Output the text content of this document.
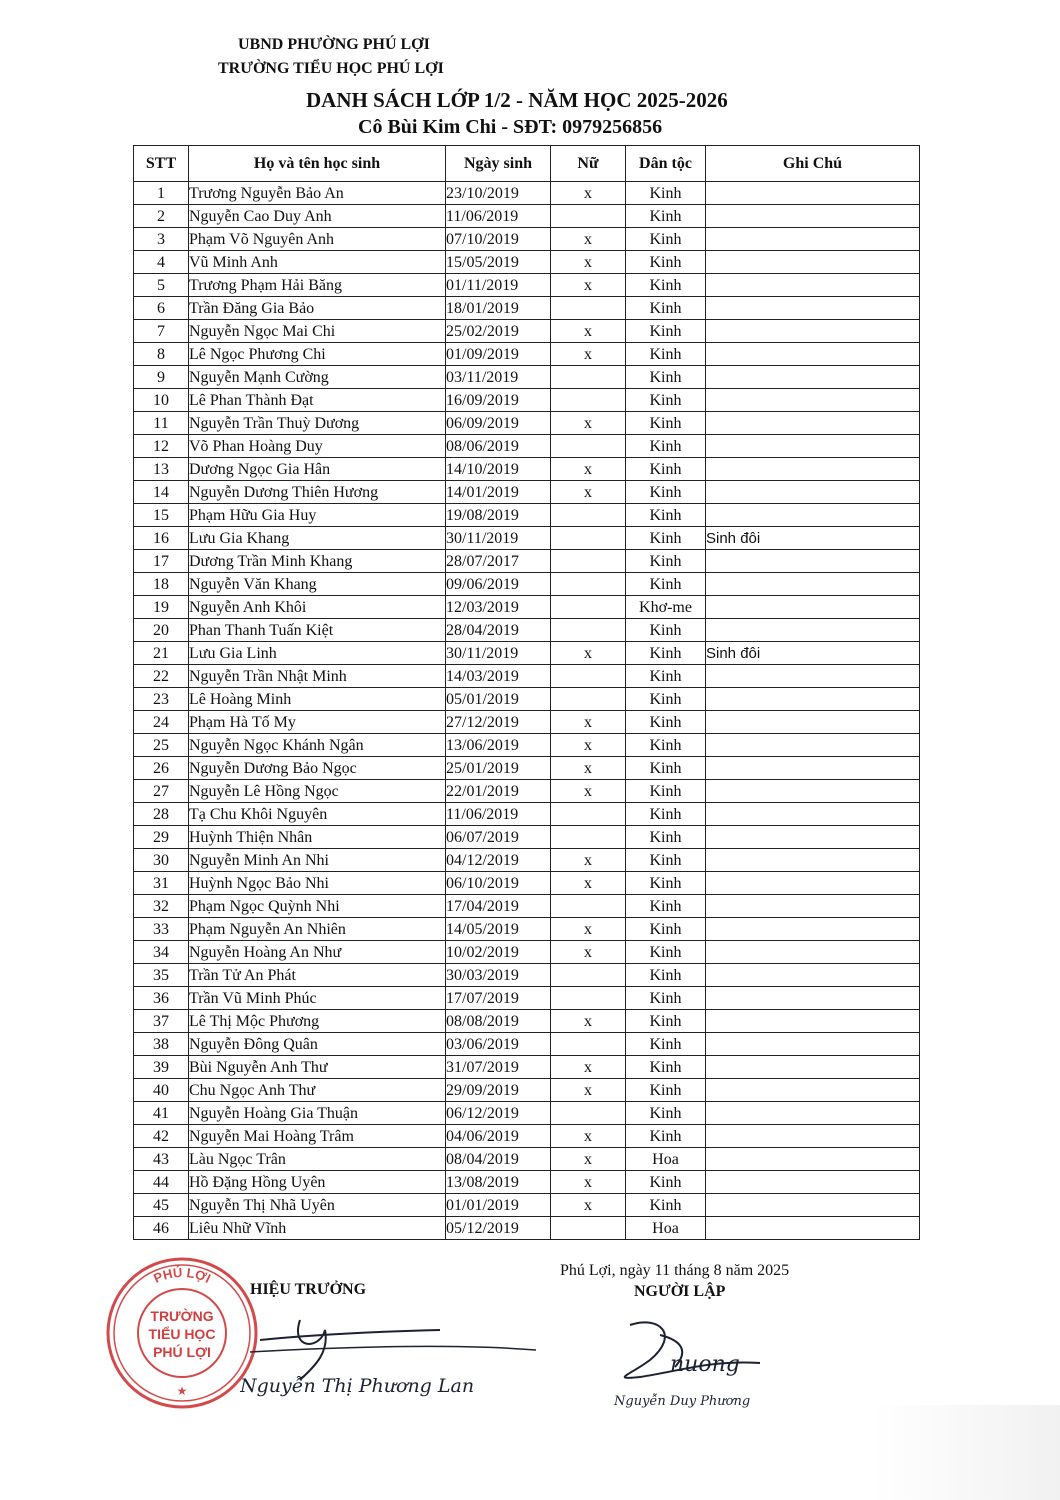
UBND PHƯỜNG PHÚ LỢI
TRƯỜNG TIỂU HỌC PHÚ LỢI
DANH SÁCH LỚP 1/2 - NĂM HỌC 2025-2026
Cô Bùi Kim Chi - SĐT: 0979256856
STT	Họ và tên học sinh	Ngày sinh	Nữ	Dân tộc	Ghi Chú
1	Trương Nguyễn Bảo An	23/10/2019	x	Kinh	
2	Nguyễn Cao Duy Anh	11/06/2019		Kinh	
3	Phạm Võ Nguyên Anh	07/10/2019	x	Kinh	
4	Vũ Minh Anh	15/05/2019	x	Kinh	
5	Trương Phạm Hải Băng	01/11/2019	x	Kinh	
6	Trần Đăng Gia Bảo	18/01/2019		Kinh	
7	Nguyễn Ngọc Mai Chi	25/02/2019	x	Kinh	
8	Lê Ngọc Phương Chi	01/09/2019	x	Kinh	
9	Nguyễn Mạnh Cường	03/11/2019		Kinh	
10	Lê Phan Thành Đạt	16/09/2019		Kinh	
11	Nguyễn Trần Thuỳ Dương	06/09/2019	x	Kinh	
12	Võ Phan Hoàng Duy	08/06/2019		Kinh	
13	Dương Ngọc Gia Hân	14/10/2019	x	Kinh	
14	Nguyễn Dương Thiên Hương	14/01/2019	x	Kinh	
15	Phạm Hữu Gia Huy	19/08/2019		Kinh	
16	Lưu Gia Khang	30/11/2019		Kinh	Sinh đôi
17	Dương Trần Minh Khang	28/07/2017		Kinh	
18	Nguyễn Văn Khang	09/06/2019		Kinh	
19	Nguyễn Anh Khôi	12/03/2019		Khơ-me	
20	Phan Thanh Tuấn Kiệt	28/04/2019		Kinh	
21	Lưu Gia Linh	30/11/2019	x	Kinh	Sinh đôi
22	Nguyễn Trần Nhật Minh	14/03/2019		Kinh	
23	Lê Hoàng Minh	05/01/2019		Kinh	
24	Phạm Hà Tố My	27/12/2019	x	Kinh	
25	Nguyễn Ngọc Khánh Ngân	13/06/2019	x	Kinh	
26	Nguyễn Dương Bảo Ngọc	25/01/2019	x	Kinh	
27	Nguyễn Lê Hồng Ngọc	22/01/2019	x	Kinh	
28	Tạ Chu Khôi Nguyên	11/06/2019		Kinh	
29	Huỳnh Thiện Nhân	06/07/2019		Kinh	
30	Nguyễn Minh An Nhi	04/12/2019	x	Kinh	
31	Huỳnh Ngọc Bảo Nhi	06/10/2019	x	Kinh	
32	Phạm Ngọc Quỳnh Nhi	17/04/2019		Kinh	
33	Phạm Nguyễn An Nhiên	14/05/2019	x	Kinh	
34	Nguyễn Hoàng An Như	10/02/2019	x	Kinh	
35	Trần Tử An Phát	30/03/2019		Kinh	
36	Trần Vũ Minh Phúc	17/07/2019		Kinh	
37	Lê Thị Mộc Phương	08/08/2019	x	Kinh	
38	Nguyễn Đông Quân	03/06/2019		Kinh	
39	Bùi Nguyễn Anh Thư	31/07/2019	x	Kinh	
40	Chu Ngọc Anh Thư	29/09/2019	x	Kinh	
41	Nguyễn Hoàng Gia Thuận	06/12/2019		Kinh	
42	Nguyễn Mai Hoàng Trâm	04/06/2019	x	Kinh	
43	Làu Ngọc Trân	08/04/2019	x	Hoa	
44	Hồ Đặng Hồng Uyên	13/08/2019	x	Kinh	
45	Nguyễn Thị Nhã Uyên	01/01/2019	x	Kinh	
46	Liêu Nhữ Vĩnh	05/12/2019		Hoa	
Phú Lợi, ngày 11 tháng 8 năm 2025
NGƯỜI LẬP
HIỆU TRƯỞNG
PHÚ LỢI
TRƯỜNG
TIỂU HỌC
PHÚ LỢI
★	Nguyễn Thị Phương Lan
nuong
Nguyễn Duy Phương
